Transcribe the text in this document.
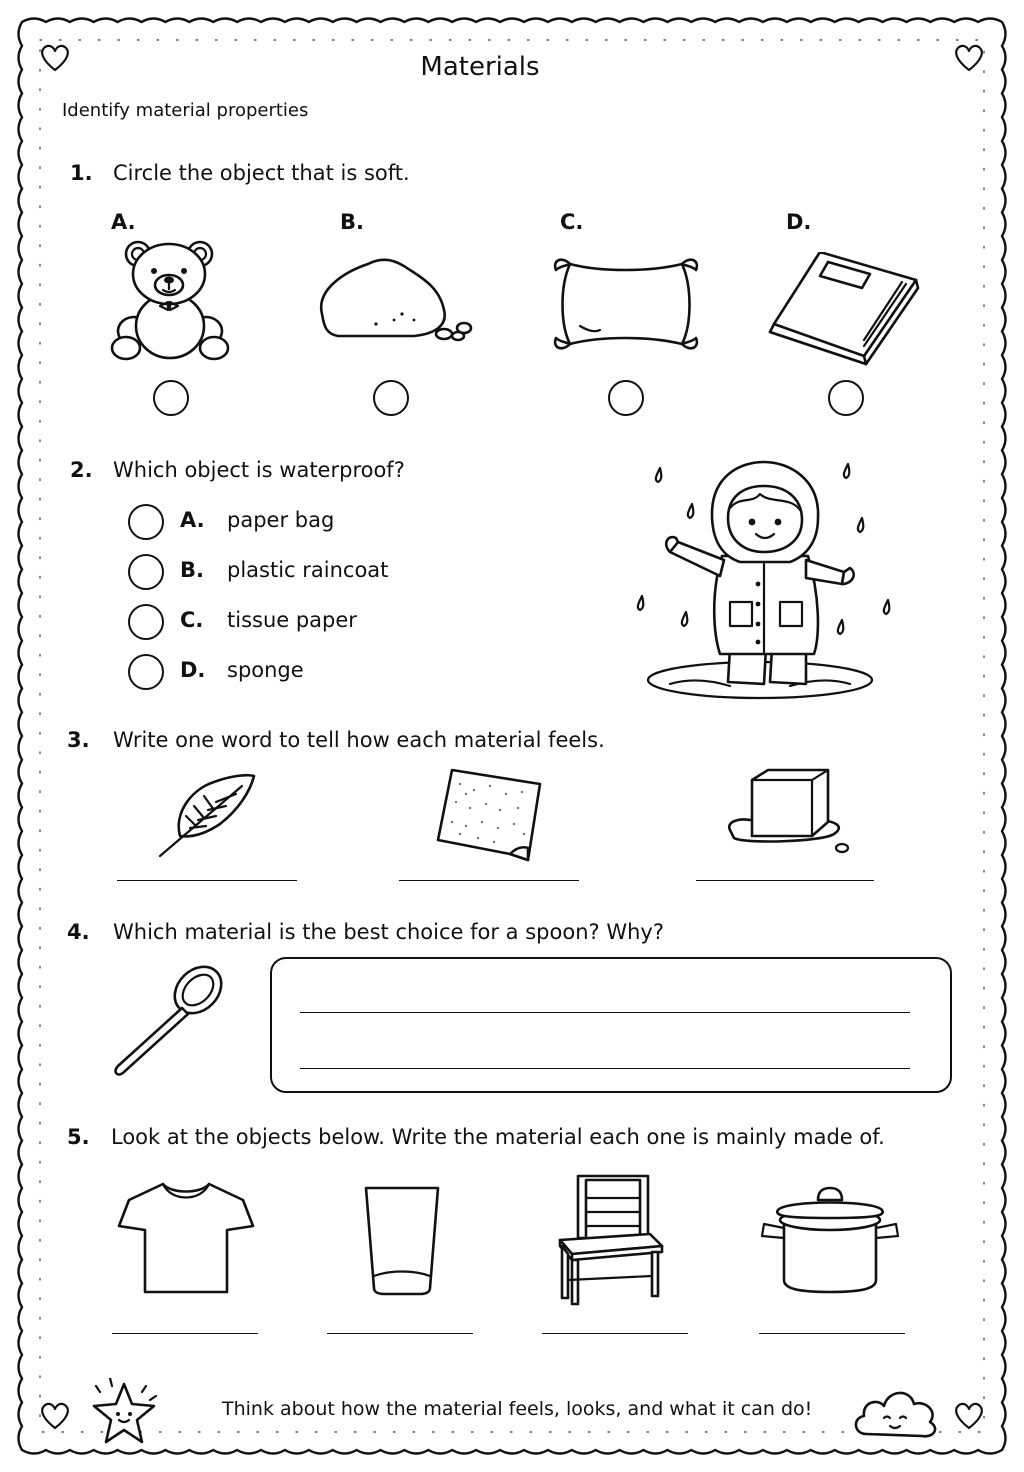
Materials
Identify material properties
1. Circle the object that is soft.
A.	B.	C.	D.
2. Which object is waterproof?
A. paper bag
B. plastic raincoat
C. tissue paper
D. sponge
3. Write one word to tell how each material feels.
4. Which material is the best choice for a spoon? Why?
5. Look at the objects below. Write the material each one is mainly made of.
Think about how the material feels, looks, and what it can do!
